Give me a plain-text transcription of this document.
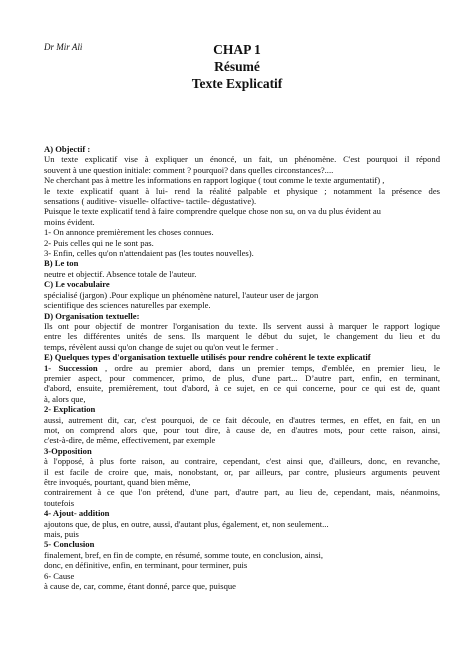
Dr Mir Ali	CHAP 1
Résumé
Texte Explicatif

A) Objectif :

Un texte explicatif vise à expliquer un énoncé, un fait, un phénomène. C'est pourquoi il répond

souvent à une question initiale: comment ? pourquoi? dans quelles circonstances?....

Ne cherchant pas à mettre les informations en rapport logique ( tout comme le texte argumentatif) ,

le texte explicatif quant à lui- rend la réalité palpable et physique ; notamment la présence des

sensations ( auditive- visuelle- olfactive- tactile- dégustative).

Puisque le texte explicatif tend à faire comprendre quelque chose non su, on va du plus évident au

moins évident.

1- On annonce premièrement les choses connues.

2- Puis celles qui ne le sont pas.

3- Enfin, celles qu'on n'attendaient pas (les toutes nouvelles).

B) Le ton

neutre et objectif. Absence totale de l'auteur.

C) Le vocabulaire

spécialisé (jargon) .Pour explique un phénomène naturel, l'auteur user de jargon

scientifique des sciences naturelles par exemple.

D) Organisation textuelle:

Ils ont pour objectif de montrer l'organisation du texte. Ils servent aussi à marquer le rapport logique

entre les différentes unités de sens. Ils marquent le début du sujet, le changement du lieu et du

temps, révèlent aussi qu'on change de sujet ou qu'on veut le fermer .

E) Quelques types d'organisation textuelle utilisés pour rendre cohérent le texte explicatif

1- Succession , ordre au premier abord, dans un premier temps, d'emblée, en premier lieu, le

premier aspect, pour commencer, primo, de plus, d'une part... D’autre part, enfin, en terminant,

d'abord, ensuite, premièrement, tout d'abord, à ce sujet, en ce qui concerne, pour ce qui est de, quant

à, alors que,

2- Explication

aussi, autrement dit, car, c'est pourquoi, de ce fait découle, en d'autres termes, en effet, en fait, en un

mot, on comprend alors que, pour tout dire, à cause de, en d'autres mots, pour cette raison, ainsi,

c'est-à-dire, de même, effectivement, par exemple

3-Opposition

à l'opposé, à plus forte raison, au contraire, cependant, c'est ainsi que, d'ailleurs, donc, en revanche,

il est facile de croire que, mais, nonobstant, or, par ailleurs, par contre, plusieurs arguments peuvent

être invoqués, pourtant, quand bien même,

contrairement à ce que l'on prétend, d'une part, d'autre part, au lieu de, cependant, mais, néanmoins,

toutefois

4- Ajout- addition

ajoutons que, de plus, en outre, aussi, d'autant plus, également, et, non seulement...

mais, puis

5- Conclusion

finalement, bref, en fin de compte, en résumé, somme toute, en conclusion, ainsi,

donc, en définitive, enfin, en terminant, pour terminer, puis

6- Cause

à cause de, car, comme, étant donné, parce que, puisque
